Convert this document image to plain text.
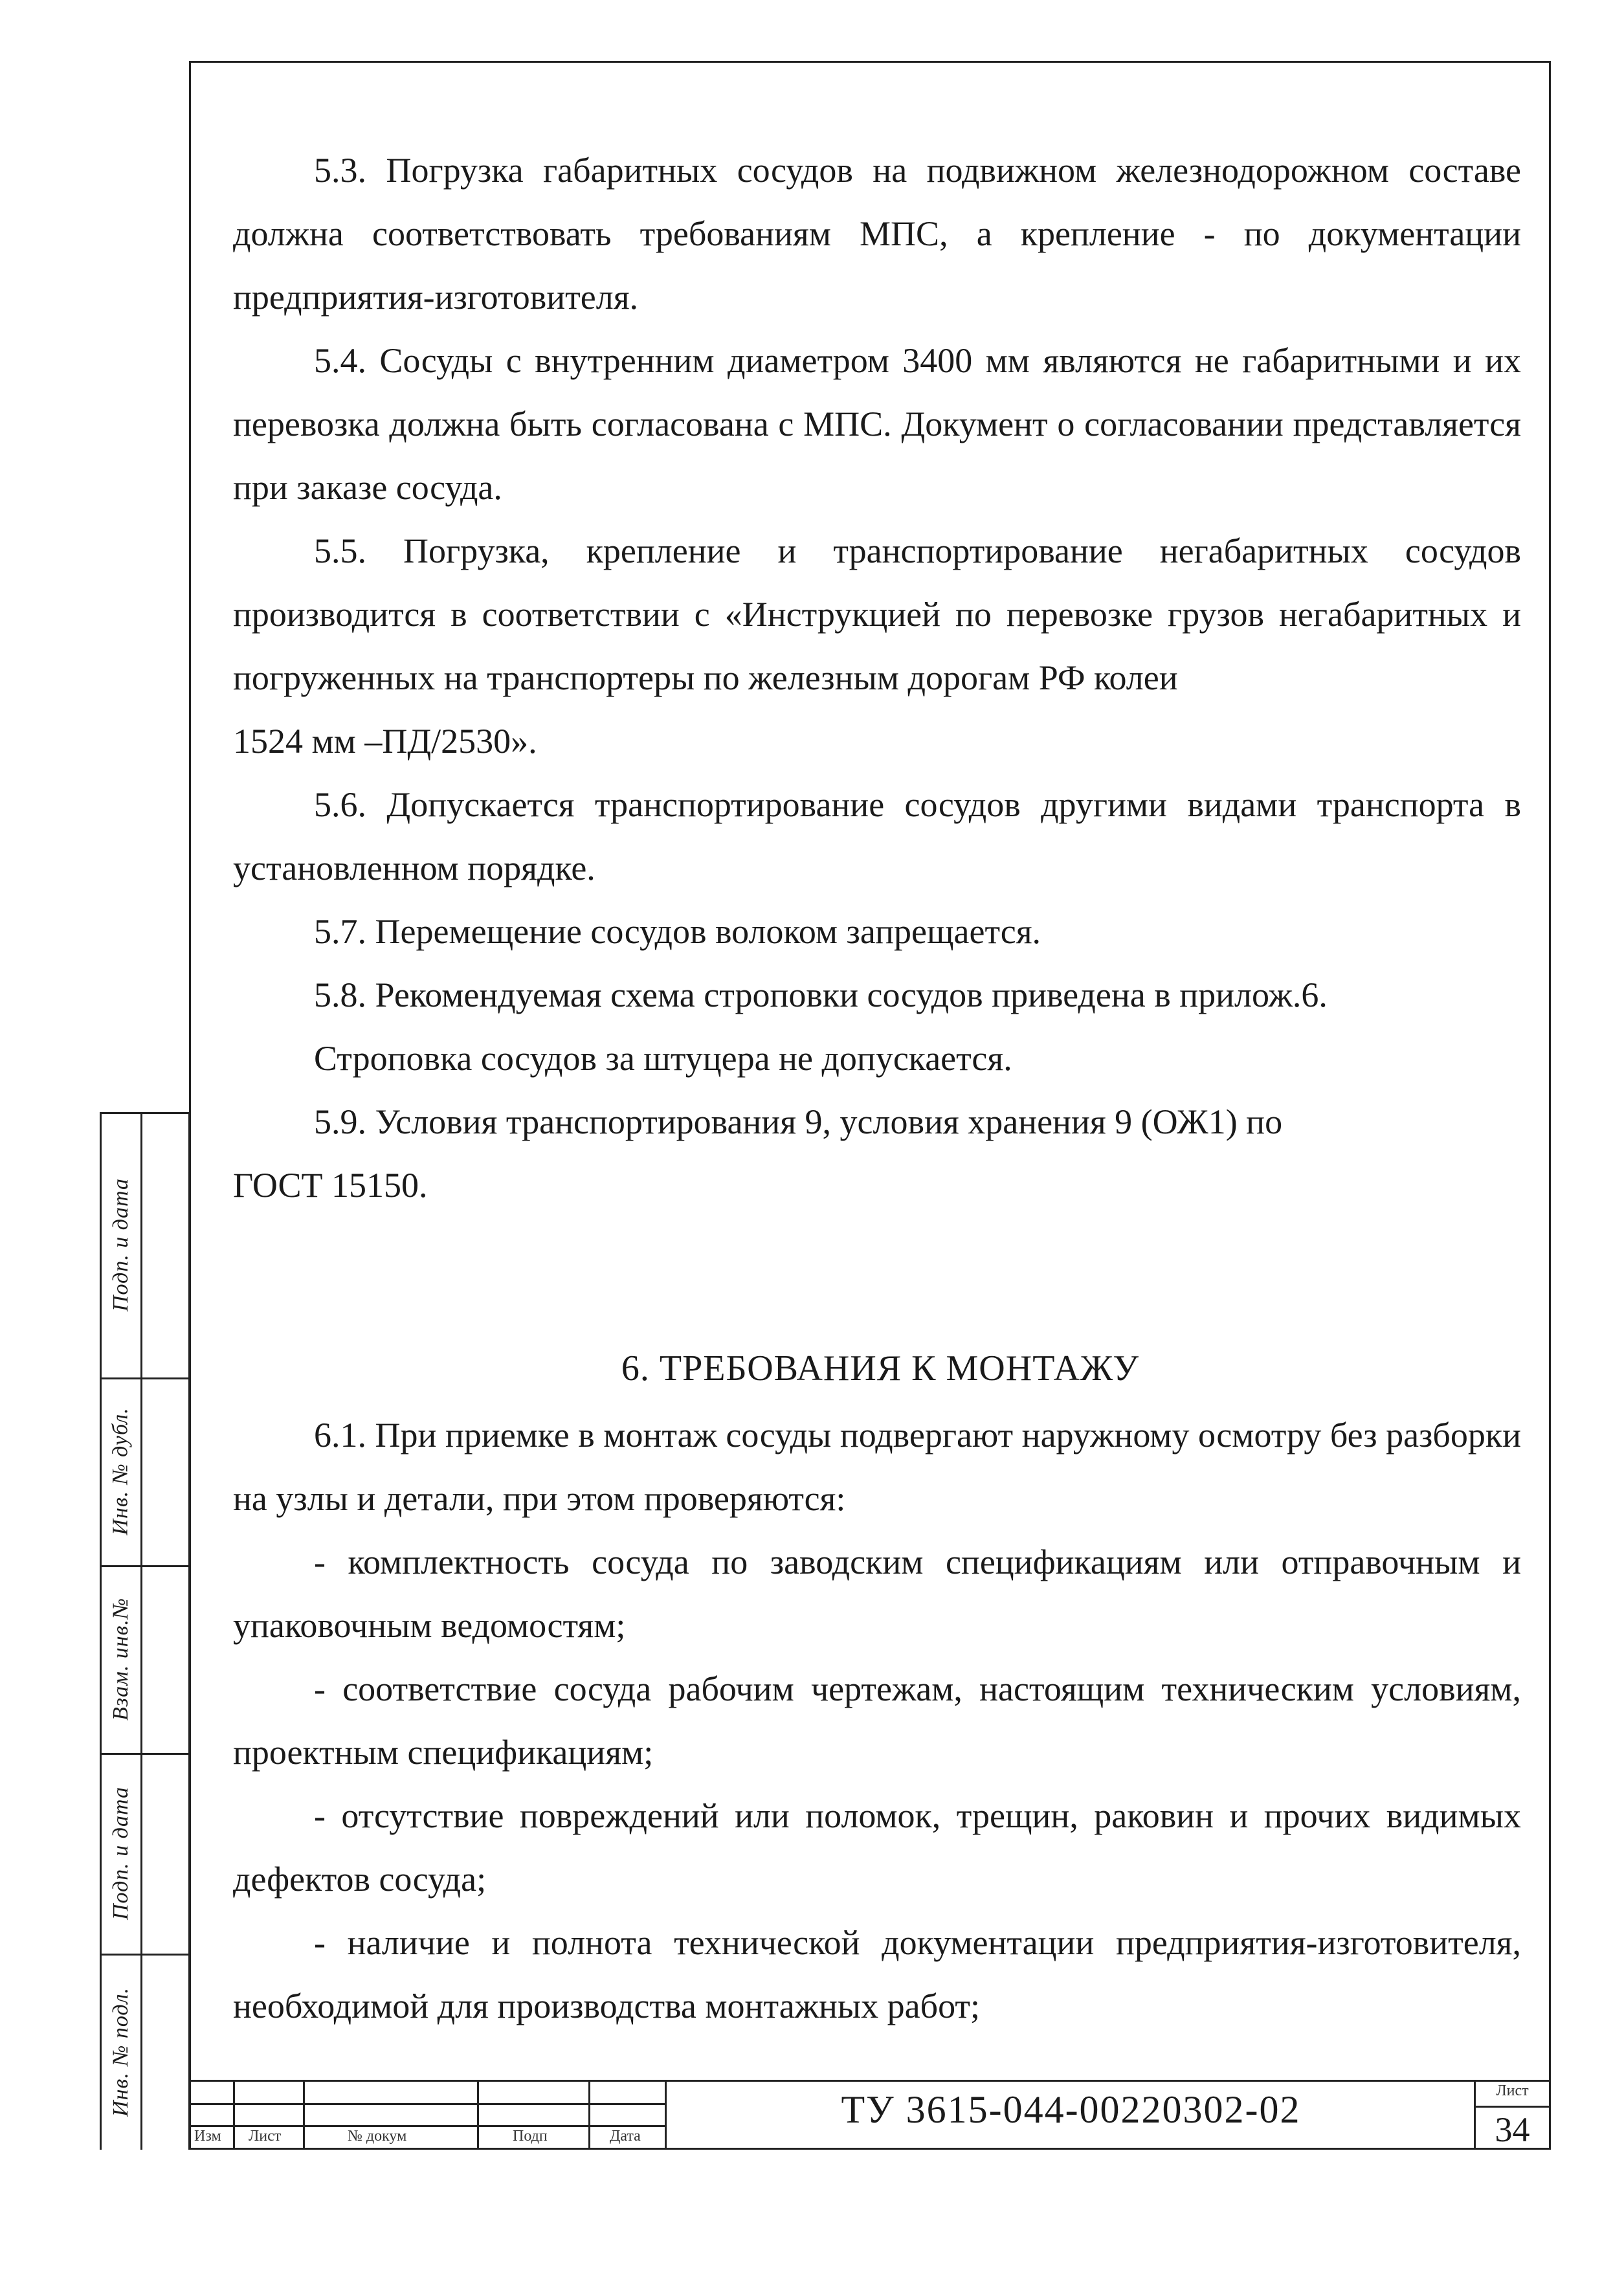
5.3. Погрузка габаритных сосудов на подвижном железнодорожном составе должна соответствовать требованиям МПС, а крепление - по документации предприятия-изготовителя.

5.4. Сосуды с внутренним диаметром 3400 мм являются не габаритными и их перевозка должна быть согласована с МПС. Документ о согласовании представляется при заказе сосуда.

5.5. Погрузка, крепление и транспортирование негабаритных сосудов производится в соответствии с «Инструкцией по перевозке грузов негабаритных и погруженных на транспортеры по железным дорогам РФ колеи

1524 мм –ПД/2530».

5.6. Допускается транспортирование сосудов другими видами транспорта в установленном порядке.

5.7. Перемещение сосудов волоком запрещается.

5.8. Рекомендуемая схема строповки сосудов приведена в прилож.6.

Строповка сосудов за штуцера не допускается.

5.9. Условия транспортирования 9, условия хранения 9 (ОЖ1) по

ГОСТ 15150.

6. ТРЕБОВАНИЯ К МОНТАЖУ

6.1. При приемке в монтаж сосуды подвергают наружному осмотру без разборки на узлы и детали, при этом проверяются:

- комплектность сосуда по заводским спецификациям или отправочным и упаковочным ведомостям;

- соответствие сосуда рабочим чертежам, настоящим техническим условиям, проектным спецификациям;

- отсутствие повреждений или поломок, трещин, раковин и прочих видимых дефектов сосуда;

- наличие и полнота технической документации предприятия-изготовителя, необходимой для производства монтажных работ;

Подп. и дата
Инв. № дубл.
Взам. инв.№
Подп. и дата
Инв. № подл.
Изм Лист	№ докум	Подп	Дата
ТУ 3615-044-00220302-02	Лист
34
